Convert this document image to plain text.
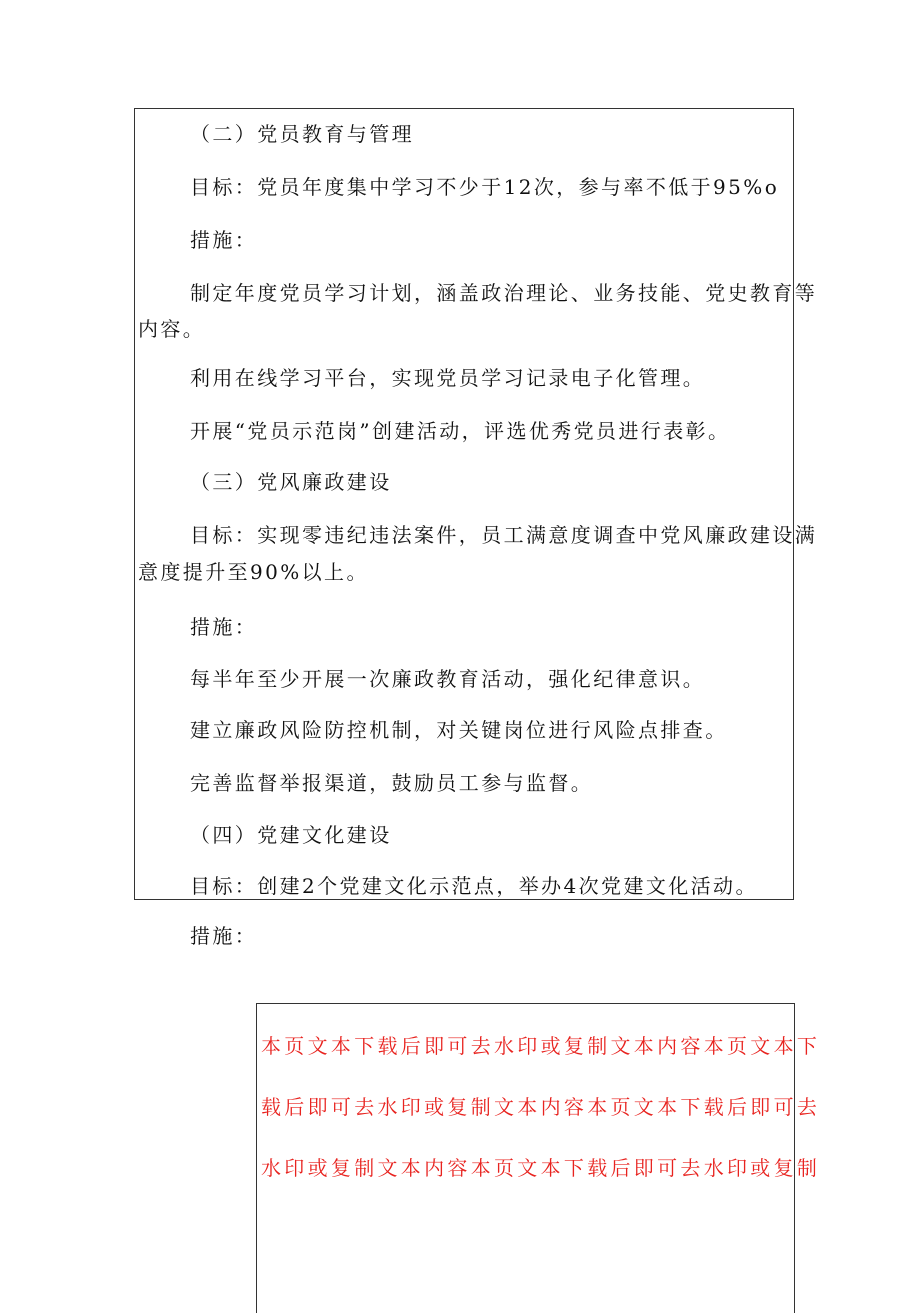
（二）党员教育与管理
目标：党员年度集中学习不少于12次，参与率不低于95%o
措施：
制定年度党员学习计划，涵盖政治理论、业务技能、党史教育等
内容。
利用在线学习平台，实现党员学习记录电子化管理。
开展“党员示范岗”创建活动，评选优秀党员进行表彰。
（三）党风廉政建设
目标：实现零违纪违法案件，员工满意度调查中党风廉政建设满
意度提升至90%以上。
措施：
每半年至少开展一次廉政教育活动，强化纪律意识。
建立廉政风险防控机制，对关键岗位进行风险点排查。
完善监督举报渠道，鼓励员工参与监督。
（四）党建文化建设
目标：创建2个党建文化示范点，举办4次党建文化活动。
措施：
本页文本下载后即可去水印或复制文本内容本页文本下
载后即可去水印或复制文本内容本页文本下载后即可去
水印或复制文本内容本页文本下载后即可去水印或复制
